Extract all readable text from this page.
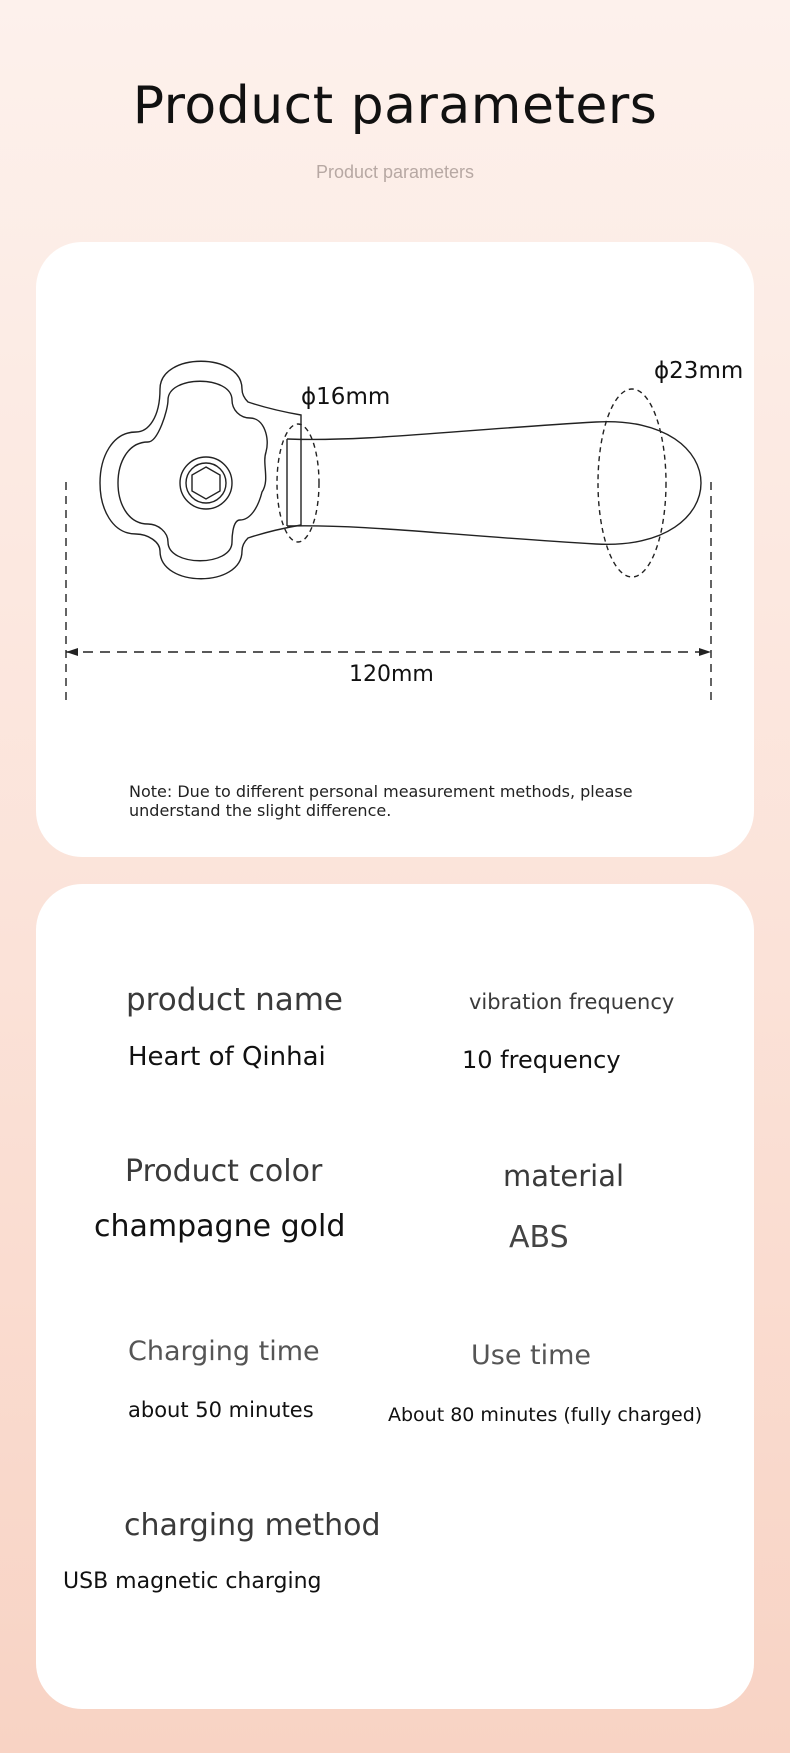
Product parameters
Product parameters
ϕ16mm
ϕ23mm
120mm
Note: Due to different personal measurement methods, please understand the slight difference.
product name
Heart of Qinhai
vibration frequency
10 frequency
Product color
champagne gold
material
ABS
Charging time
about 50 minutes
Use time
About 80 minutes (fully charged)
charging method
USB magnetic charging
